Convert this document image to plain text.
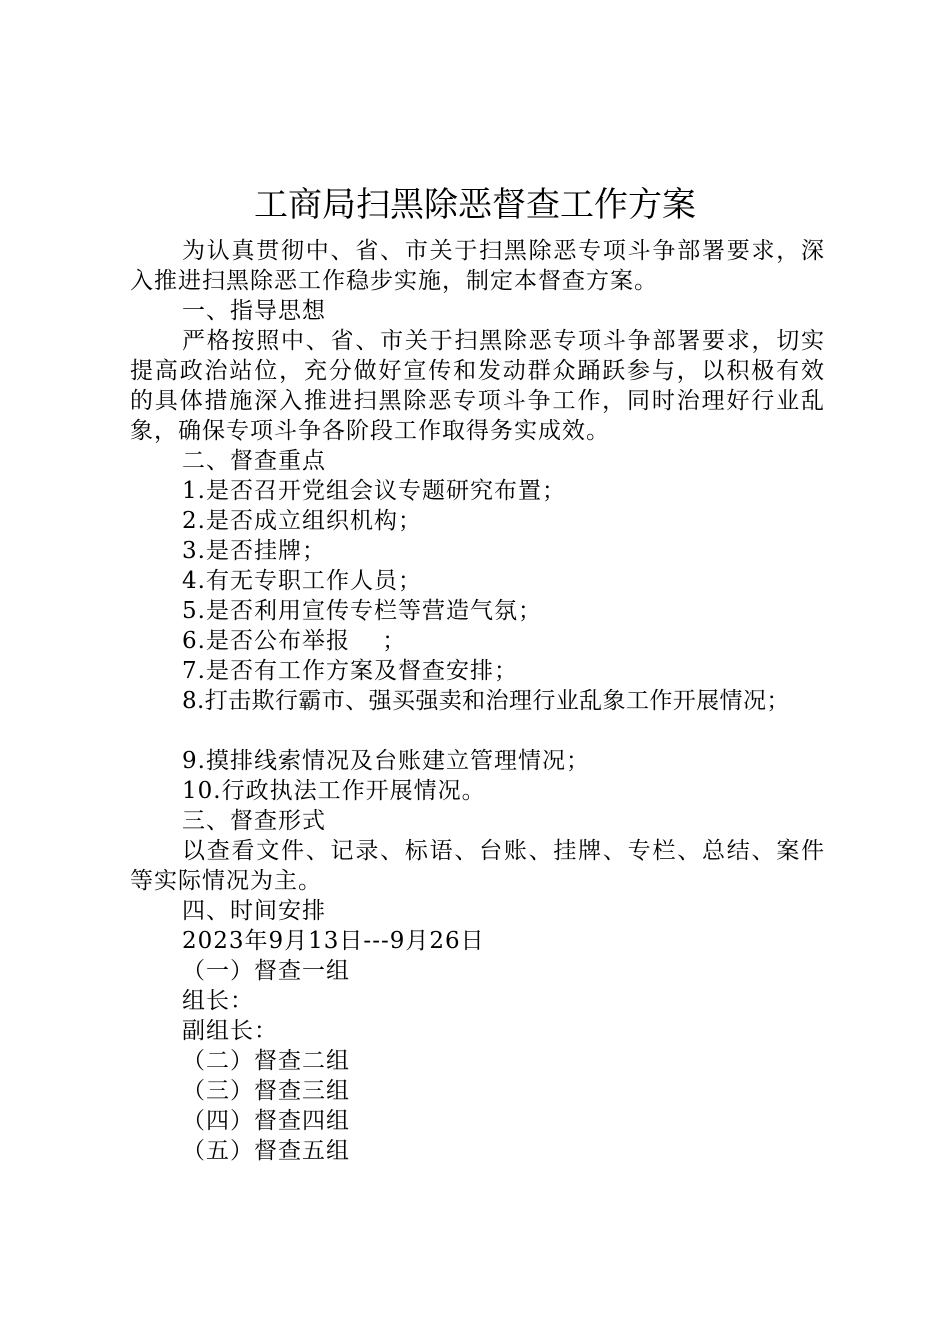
工商局扫黑除恶督查工作方案

为认真贯彻中、省、市关于扫黑除恶专项斗争部署要求，深入推进扫黑除恶工作稳步实施，制定本督查方案。

一、指导思想

严格按照中、省、市关于扫黑除恶专项斗争部署要求，切实提高政治站位，充分做好宣传和发动群众踊跃参与，以积极有效的具体措施深入推进扫黑除恶专项斗争工作，同时治理好行业乱象，确保专项斗争各阶段工作取得务实成效。

二、督查重点

1.是否召开党组会议专题研究布置；

2.是否成立组织机构；

3.是否挂牌；

4.有无专职工作人员；

5.是否利用宣传专栏等营造气氛；

6.是否公布举报　 ；

7.是否有工作方案及督查安排；

8.打击欺行霸市、强买强卖和治理行业乱象工作开展情况；

9.摸排线索情况及台账建立管理情况；

10.行政执法工作开展情况。

三、督查形式

以查看文件、记录、标语、台账、挂牌、专栏、总结、案件等实际情况为主。

四、时间安排

2023年9月13日---9月26日

（一）督查一组

组长：

副组长：

（二）督查二组

（三）督查三组

（四）督查四组

（五）督查五组
